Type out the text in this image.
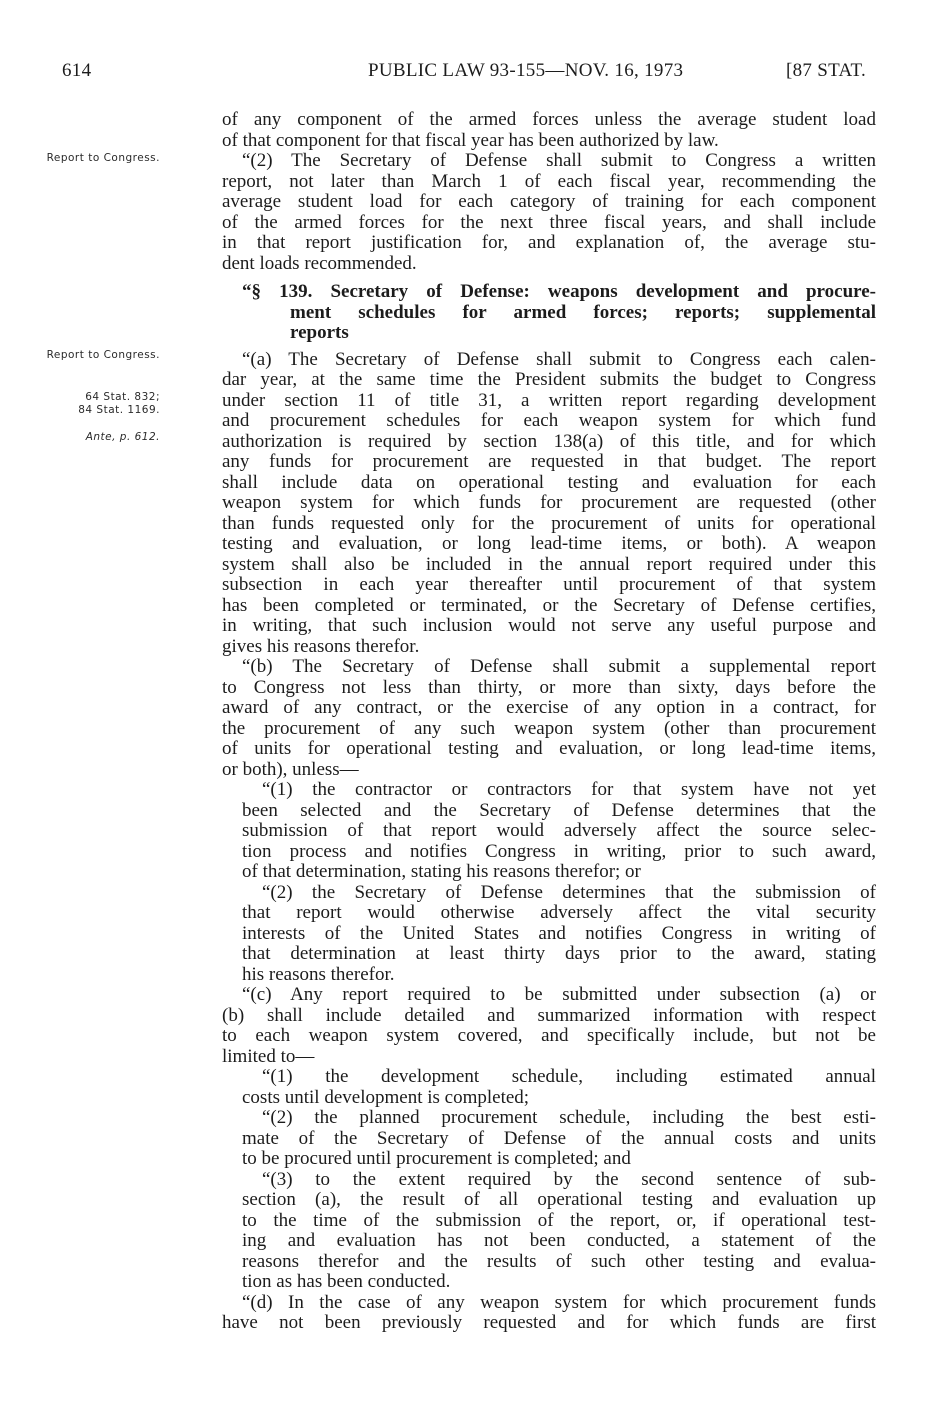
614	PUBLIC LAW 93-155—NOV. 16, 1973	[87 STAT.
Report to Congress.
Report to Congress.
64 Stat. 832;
84 Stat. 1169.
Ante, p. 612.
of any component of the armed forces unless the average student load
of that component for that fiscal year has been authorized by law.
“(2) The Secretary of Defense shall submit to Congress a written
report, not later than March 1 of each fiscal year, recommending the
average student load for each category of training for each component
of the armed forces for the next three fiscal years, and shall include
in that report justification for, and explanation of, the average stu-
dent loads recommended.
“§ 139. Secretary of Defense: weapons development and procure-
ment schedules for armed forces; reports; supplemental
reports
“(a) The Secretary of Defense shall submit to Congress each calen-
dar year, at the same time the President submits the budget to Congress
under section 11 of title 31, a written report regarding development
and procurement schedules for each weapon system for which fund
authorization is required by section 138(a) of this title, and for which
any funds for procurement are requested in that budget. The report
shall include data on operational testing and evaluation for each
weapon system for which funds for procurement are requested (other
than funds requested only for the procurement of units for operational
testing and evaluation, or long lead-time items, or both). A weapon
system shall also be included in the annual report required under this
subsection in each year thereafter until procurement of that system
has been completed or terminated, or the Secretary of Defense certifies,
in writing, that such inclusion would not serve any useful purpose and
gives his reasons therefor.
“(b) The Secretary of Defense shall submit a supplemental report
to Congress not less than thirty, or more than sixty, days before the
award of any contract, or the exercise of any option in a contract, for
the procurement of any such weapon system (other than procurement
of units for operational testing and evaluation, or long lead-time items,
or both), unless—
“(1) the contractor or contractors for that system have not yet
been selected and the Secretary of Defense determines that the
submission of that report would adversely affect the source selec-
tion process and notifies Congress in writing, prior to such award,
of that determination, stating his reasons therefor; or
“(2) the Secretary of Defense determines that the submission of
that report would otherwise adversely affect the vital security
interests of the United States and notifies Congress in writing of
that determination at least thirty days prior to the award, stating
his reasons therefor.
“(c) Any report required to be submitted under subsection (a) or
(b) shall include detailed and summarized information with respect
to each weapon system covered, and specifically include, but not be
limited to—
“(1) the development schedule, including estimated annual
costs until development is completed;
“(2) the planned procurement schedule, including the best esti-
mate of the Secretary of Defense of the annual costs and units
to be procured until procurement is completed; and
“(3) to the extent required by the second sentence of sub-
section (a), the result of all operational testing and evaluation up
to the time of the submission of the report, or, if operational test-
ing and evaluation has not been conducted, a statement of the
reasons therefor and the results of such other testing and evalua-
tion as has been conducted.
“(d) In the case of any weapon system for which procurement funds
have not been previously requested and for which funds are first
